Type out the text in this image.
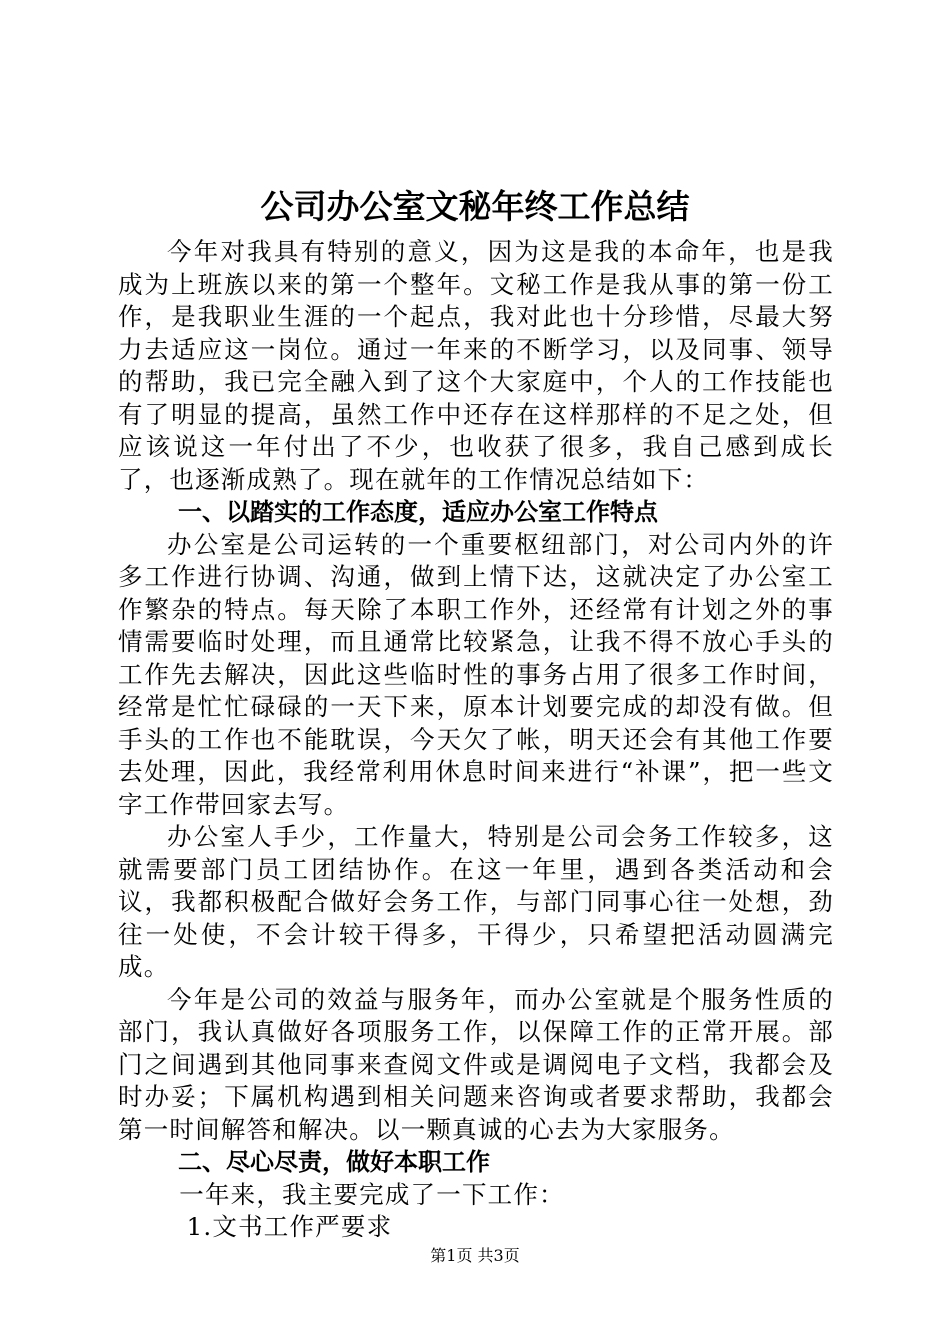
公司办公室文秘年终工作总结

今年对我具有特别的意义，因为这是我的本命年，也是我成为上班族以来的第一个整年。文秘工作是我从事的第一份工作，是我职业生涯的一个起点，我对此也十分珍惜，尽最大努力去适应这一岗位。通过一年来的不断学习，以及同事、领导的帮助，我已完全融入到了这个大家庭中，个人的工作技能也有了明显的提高，虽然工作中还存在这样那样的不足之处，但应该说这一年付出了不少，也收获了很多，我自己感到成长了，也逐渐成熟了。现在就年的工作情况总结如下：

一、以踏实的工作态度，适应办公室工作特点

办公室是公司运转的一个重要枢纽部门，对公司内外的许多工作进行协调、沟通，做到上情下达，这就决定了办公室工作繁杂的特点。每天除了本职工作外，还经常有计划之外的事情需要临时处理，而且通常比较紧急，让我不得不放心手头的工作先去解决，因此这些临时性的事务占用了很多工作时间，经常是忙忙碌碌的一天下来，原本计划要完成的却没有做。但手头的工作也不能耽误，今天欠了帐，明天还会有其他工作要去处理，因此，我经常利用休息时间来进行“补课”，把一些文字工作带回家去写。

办公室人手少，工作量大，特别是公司会务工作较多，这就需要部门员工团结协作。在这一年里，遇到各类活动和会议，我都积极配合做好会务工作，与部门同事心往一处想，劲往一处使，不会计较干得多，干得少，只希望把活动圆满完成。

今年是公司的效益与服务年，而办公室就是个服务性质的部门，我认真做好各项服务工作，以保障工作的正常开展。部门之间遇到其他同事来查阅文件或是调阅电子文档，我都会及时办妥；下属机构遇到相关问题来咨询或者要求帮助，我都会第一时间解答和解决。以一颗真诚的心去为大家服务。

二、尽心尽责，做好本职工作

一年来，我主要完成了一下工作：

1.文书工作严要求

第1页 共3页
